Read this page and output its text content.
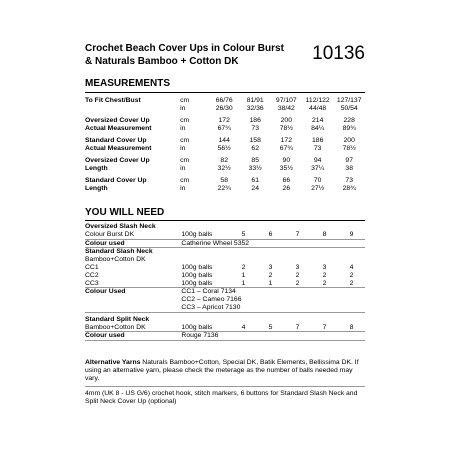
Crochet Beach Cover Ups in Colour Burst & Naturals Bamboo + Cotton DK	10136
MEASUREMENTS
To Fit Chest/Bust	cm	66/76	81/91	97/107	112/122	127/137
	in	26/30	32/36	38/42	44/48	50/54

Oversized Cover Up	cm	172	186	200	214	228
Actual Measurement	in	67¾	73	78½	84¼	89¾

Standard Cover Up	cm	144	158	172	186	200
Actual Measurement	in	56½	62	67¾	73	78½

Oversized Cover Up	cm	82	85	90	94	97
Length	in	32½	33½	35½	37¼	38

Standard Cover Up	cm	58	61	66	70	73
Length	in	22¾	24	26	27½	28¾
YOU WILL NEED
Oversized Slash Neck						
Colour Burst DK	100g balls	5	6	7	8	9

Colour used	Catherine Wheel 5352					

Standard Slash Neck						
Bamboo+Cotton DK						
CC1	100g balls	2	3	3	3	4
CC2	100g balls	1	2	2	2	2
CC3	100g balls	1	1	2	2	2

Colour Used	CC1 – Coral 7134					
	CC2 – Cameo 7166					
	CC3 – Apricot 7130					

Standard Split Neck						
Bamboo+Cotton DK	100g balls	4	5	7	7	8

Colour used	Rouge 7136					

Alternative Yarns Naturals Bamboo+Cotton, Special DK, Batik Elements, Bellissima DK. If using an alternative yarn, please check the meterage as the number of balls needed may vary.
4mm (UK 8 - US G/6) crochet hook, stitch markers, 6 buttons for Standard Slash Neck and Split Neck Cover Up (optional)
